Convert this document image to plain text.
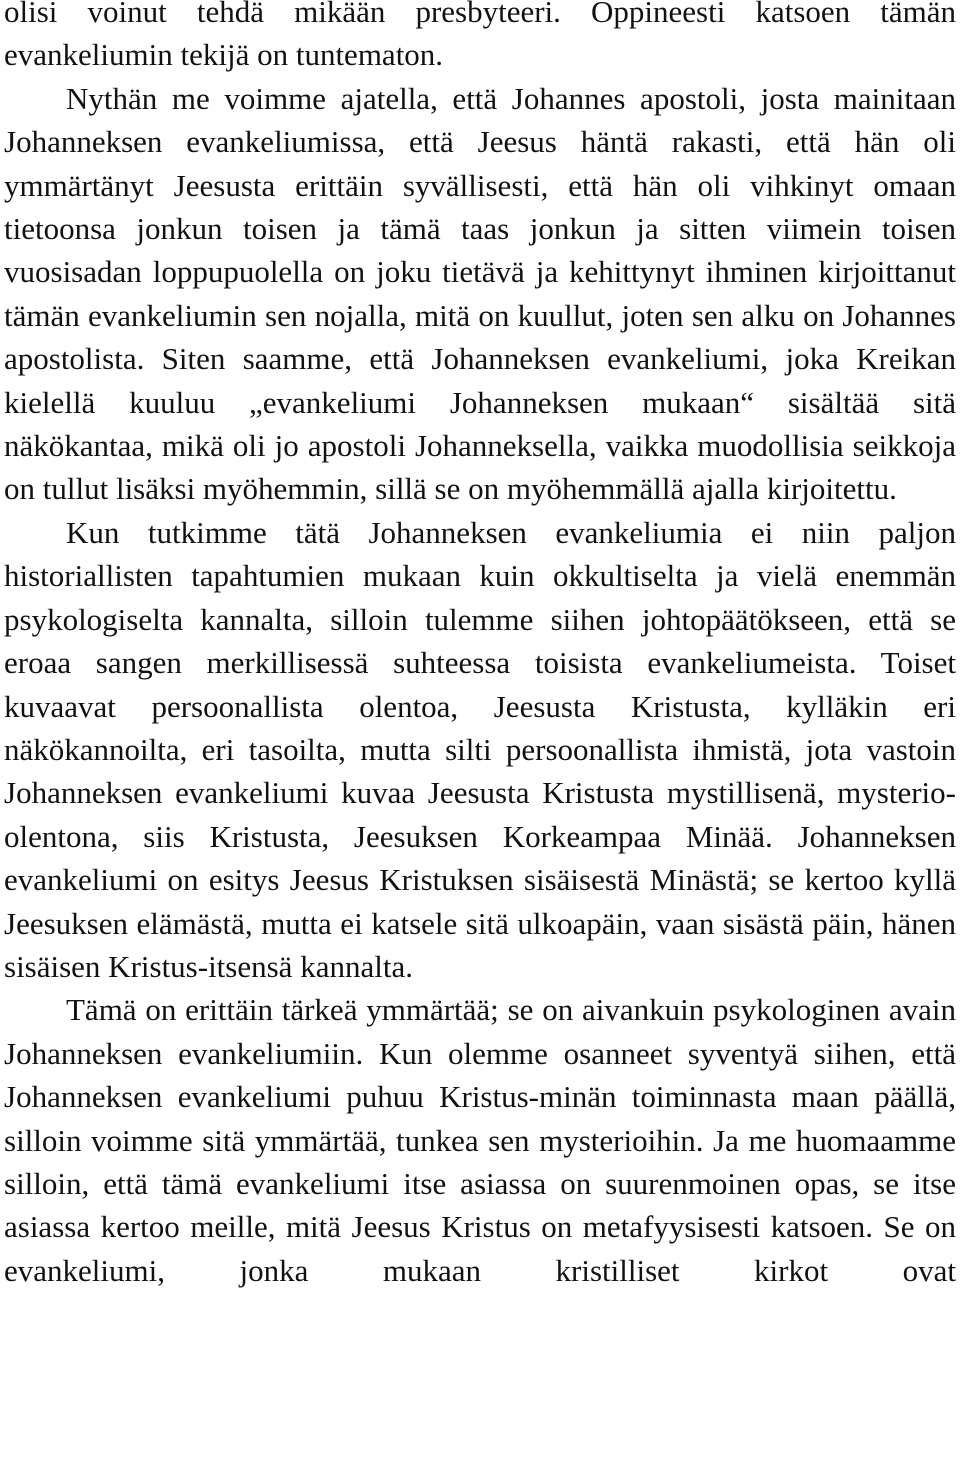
olisi voinut tehdä mikään presbyteeri. Oppineesti katsoen tämän evankeliumin tekijä on tuntematon.

Nythän me voimme ajatella, että Johannes apostoli, josta mainitaan Johanneksen evankeliumissa, että Jeesus häntä rakasti, että hän oli ymmärtänyt Jeesusta erittäin syvällisesti, että hän oli vihkinyt omaan tietoonsa jonkun toisen ja tämä taas jonkun ja sitten viimein toisen vuosisadan loppupuolella on joku tietävä ja kehittynyt ihminen kirjoittanut tämän evankeliumin sen nojalla, mitä on kuullut, joten sen alku on Johannes apostolista. Siten saamme, että Johanneksen evankeliumi, joka Kreikan kielellä kuuluu „evankeliumi Johanneksen mukaan“ sisältää sitä näkökantaa, mikä oli jo apostoli Johanneksella, vaikka muodollisia seikkoja on tullut lisäksi myöhemmin, sillä se on myöhemmällä ajalla kirjoitettu.

Kun tutkimme tätä Johanneksen evankeliumia ei niin paljon historiallisten tapahtumien mukaan kuin okkultiselta ja vielä enemmän psykologiselta kannalta, silloin tulemme siihen johtopäätökseen, että se eroaa sangen merkillisessä suhteessa toisista evankeliumeista. Toiset kuvaavat persoonallista olentoa, Jeesusta Kristusta, kylläkin eri näkökannoilta, eri tasoilta, mutta silti persoonallista ihmistä, jota vastoin Johanneksen evankeliumi kuvaa Jeesusta Kristusta mystillisenä, mysterio-olentona, siis Kristusta, Jeesuksen Korkeampaa Minää. Johanneksen evankeliumi on esitys Jeesus Kristuksen sisäisestä Minästä; se kertoo kyllä Jeesuksen elämästä, mutta ei katsele sitä ulkoapäin, vaan sisästä päin, hänen sisäisen Kristus-itsensä kannalta.

Tämä on erittäin tärkeä ymmärtää; se on aivankuin psykologinen avain Johanneksen evankeliumiin. Kun olemme osanneet syventyä siihen, että Johanneksen evankeliumi puhuu Kristus-minän toiminnasta maan päällä, silloin voimme sitä ymmärtää, tunkea sen mysterioihin. Ja me huomaamme silloin, että tämä evankeliumi itse asiassa on suurenmoinen opas, se itse asiassa kertoo meille, mitä Jeesus Kristus on metafyysisesti katsoen. Se on evankeliumi, jonka mukaan kristilliset kirkot ovat
